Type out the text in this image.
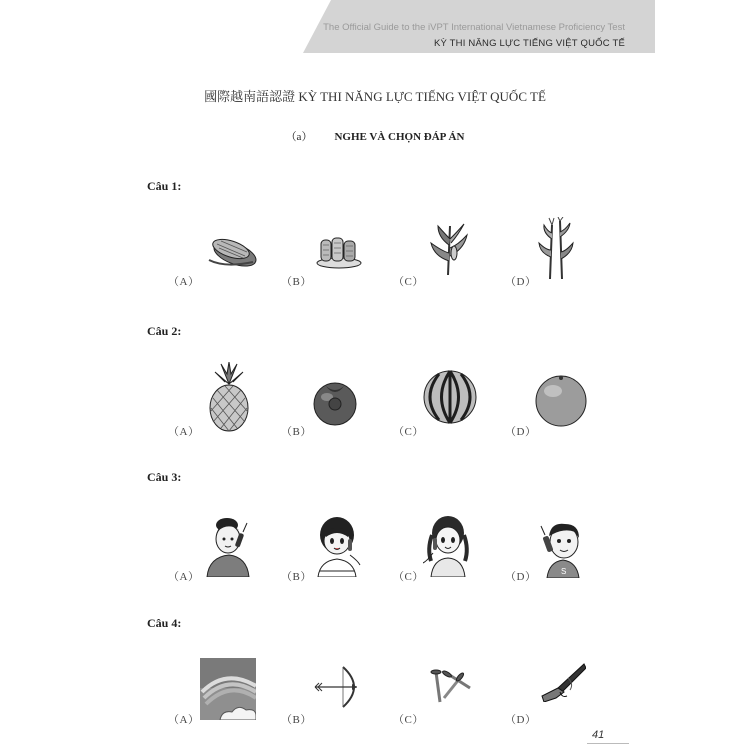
The Official Guide to the iVPT International Vietnamese Proficiency Test
KỲ THI NĂNG LỰC TIẾNG VIỆT QUỐC TẾ
國際越南語認證 KỲ THI NĂNG LỰC TIẾNG VIỆT QUỐC TẾ
（a） NGHE VÀ CHỌN ĐÁP ÁN
Câu 1:
（A）	（B）	（C）	（D）
Câu 2:
（A）	（B）	（C）	（D）
Câu 3:
S
（A）	（B）	（C）	（D）
Câu 4:
（A）	（B）	（C）	（D）
41
